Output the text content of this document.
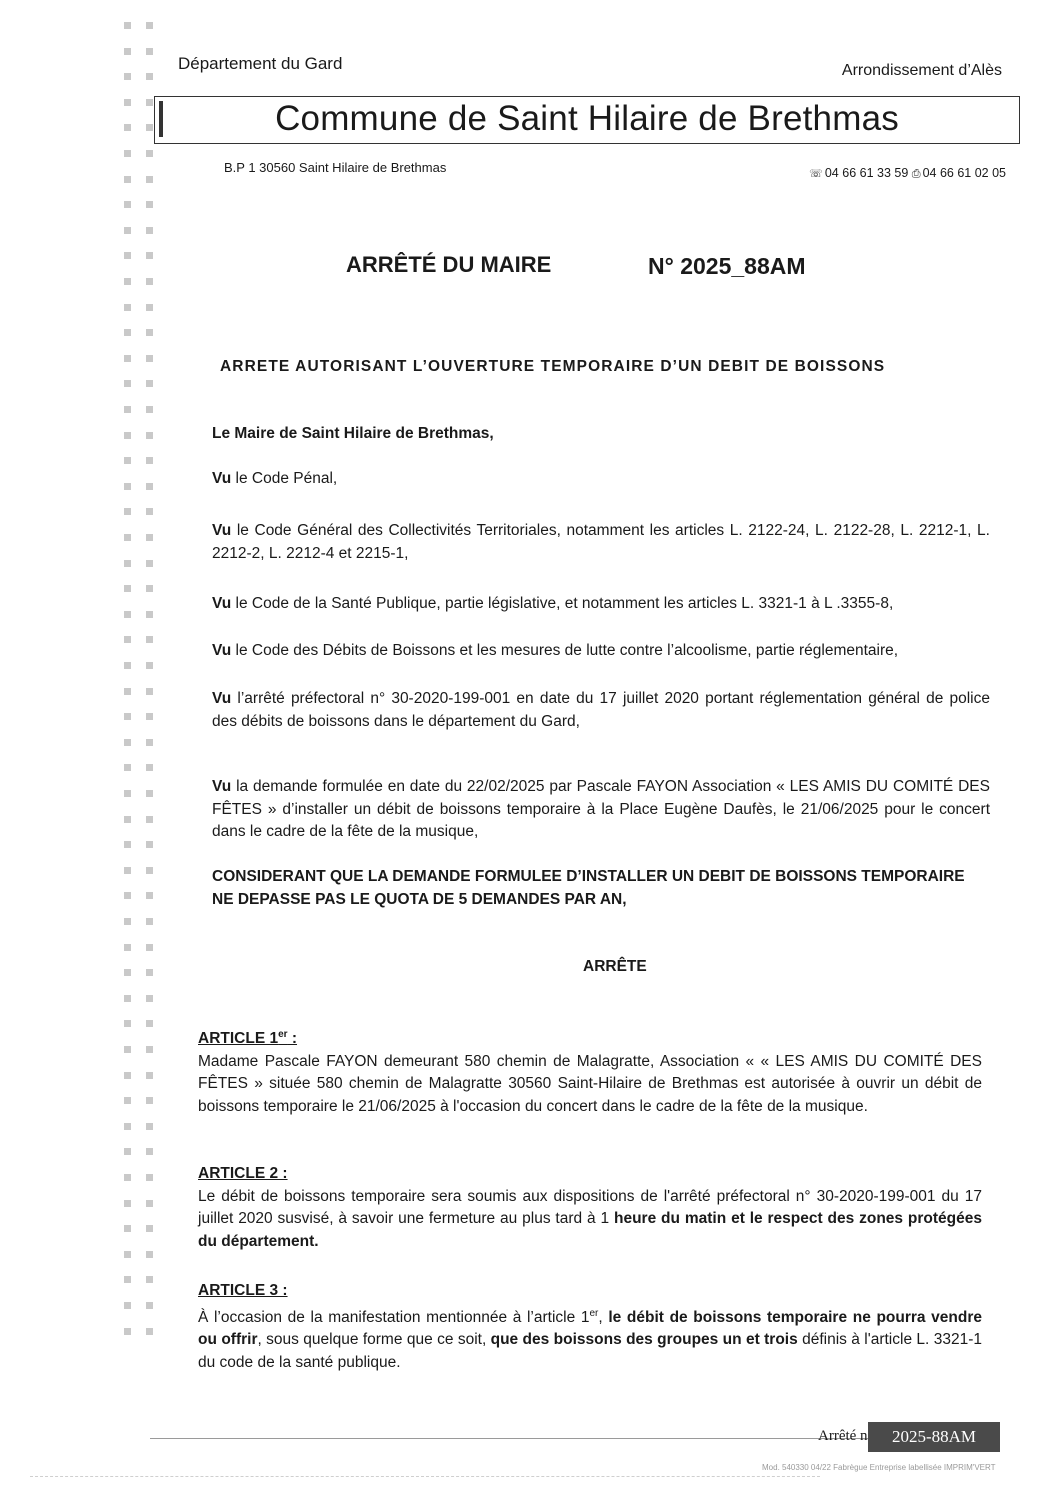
Département du Gard	Arrondissement d’Alès
Commune de Saint Hilaire de Brethmas
B.P 1 30560 Saint Hilaire de Brethmas	☏ 04 66 61 33 59 ⎙ 04 66 61 02 05
ARRÊTÉ DU MAIRE	N° 2025_88AM
ARRETE AUTORISANT L’OUVERTURE TEMPORAIRE D’UN DEBIT DE BOISSONS
Le Maire de Saint Hilaire de Brethmas,
Vu le Code Pénal,
Vu le Code Général des Collectivités Territoriales, notamment les articles L. 2122-24, L. 2122-28, L. 2212-1, L. 2212-2, L. 2212-4 et 2215-1,
Vu le Code de la Santé Publique, partie législative, et notamment les articles L. 3321-1 à L .3355-8,
Vu le Code des Débits de Boissons et les mesures de lutte contre l’alcoolisme, partie réglementaire,
Vu l’arrêté préfectoral n° 30-2020-199-001 en date du 17 juillet 2020 portant réglementation général de police des débits de boissons dans le département du Gard,
Vu la demande formulée en date du 22/02/2025 par Pascale FAYON Association « LES AMIS DU COMITÉ DES FÊTES » d’installer un débit de boissons temporaire à la Place Eugène Daufès, le 21/06/2025 pour le concert dans le cadre de la fête de la musique,
CONSIDERANT QUE LA DEMANDE FORMULEE D’INSTALLER UN DEBIT DE BOISSONS TEMPORAIRE NE DEPASSE PAS LE QUOTA DE 5 DEMANDES PAR AN,
ARRÊTE
ARTICLE 1er :
Madame Pascale FAYON demeurant 580 chemin de Malagratte, Association « « LES AMIS DU COMITÉ DES FÊTES » située 580 chemin de Malagratte 30560 Saint-Hilaire de Brethmas est autorisée à ouvrir un débit de boissons temporaire le 21/06/2025 à l'occasion du concert dans le cadre de la fête de la musique.
ARTICLE 2 :
Le débit de boissons temporaire sera soumis aux dispositions de l'arrêté préfectoral n° 30-2020-199-001 du 17 juillet 2020 susvisé, à savoir une fermeture au plus tard à 1 heure du matin et le respect des zones protégées du département.
ARTICLE 3 :
À l’occasion de la manifestation mentionnée à l’article 1er, le débit de boissons temporaire ne pourra vendre ou offrir, sous quelque forme que ce soit, que des boissons des groupes un et trois définis à l'article L. 3321-1 du code de la santé publique.
Arrêté n	2025-88AM
Mod. 540330 04/22 Fabrègue Entreprise labellisée IMPRIM'VERT
